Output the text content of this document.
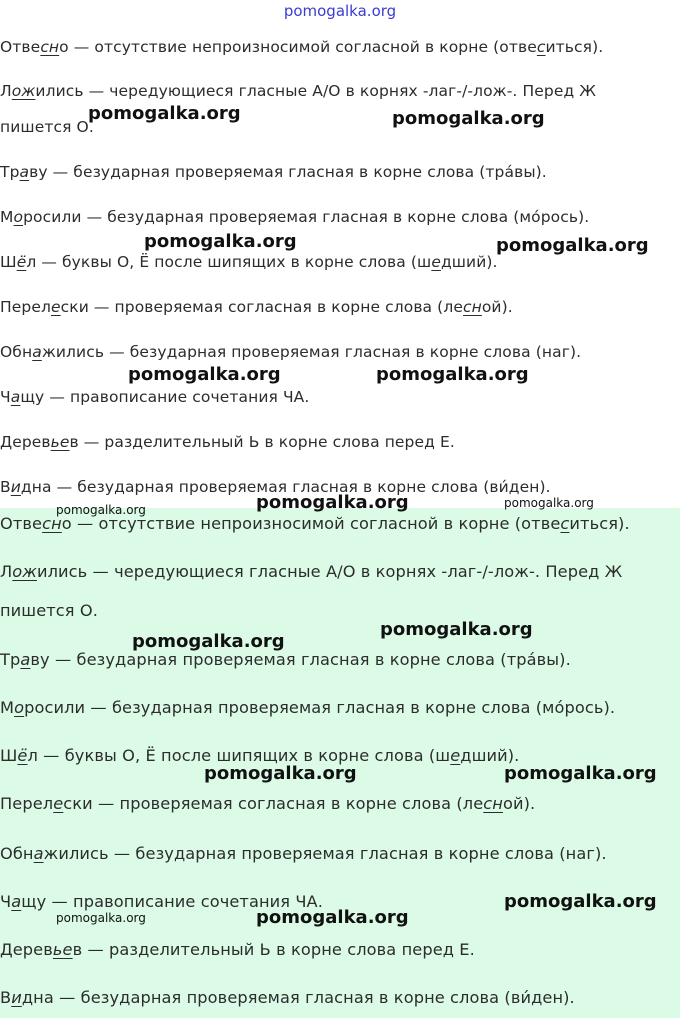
pomogalka.org
Отвесно — отсутствие непроизносимой согласной в корне (отвеситься).
Ложились — чередующиеся гласные А/О в корнях -лаг-/-лож-. Перед Ж
пишется О.
Траву — безударная проверяемая гласная в корне слова (тра́вы).
Моросили — безударная проверяемая гласная в корне слова (мо́рось).
Шёл — буквы О, Ё после шипящих в корне слова (шедший).
Перелески — проверяемая согласная в корне слова (лесной).
Обнажились — безударная проверяемая гласная в корне слова (наг).
Чащу — правописание сочетания ЧА.
Деревьев — разделительный Ь в корне слова перед Е.
Видна — безударная проверяемая гласная в корне слова (ви́ден).
Отвесно — отсутствие непроизносимой согласной в корне (отвеситься).
Ложились — чередующиеся гласные А/О в корнях -лаг-/-лож-. Перед Ж
пишется О.
Траву — безударная проверяемая гласная в корне слова (тра́вы).
Моросили — безударная проверяемая гласная в корне слова (мо́рось).
Шёл — буквы О, Ё после шипящих в корне слова (шедший).
Перелески — проверяемая согласная в корне слова (лесной).
Обнажились — безударная проверяемая гласная в корне слова (наг).
Чащу — правописание сочетания ЧА.
Деревьев — разделительный Ь в корне слова перед Е.
Видна — безударная проверяемая гласная в корне слова (ви́ден).
pomogalka.org	pomogalka.org
pomogalka.org	pomogalka.org
pomogalka.org	pomogalka.org
pomogalka.org
pomogalka.org	pomogalka.org
pomogalka.org
pomogalka.org
pomogalka.org	pomogalka.org
pomogalka.org
pomogalka.org
pomogalka.org
